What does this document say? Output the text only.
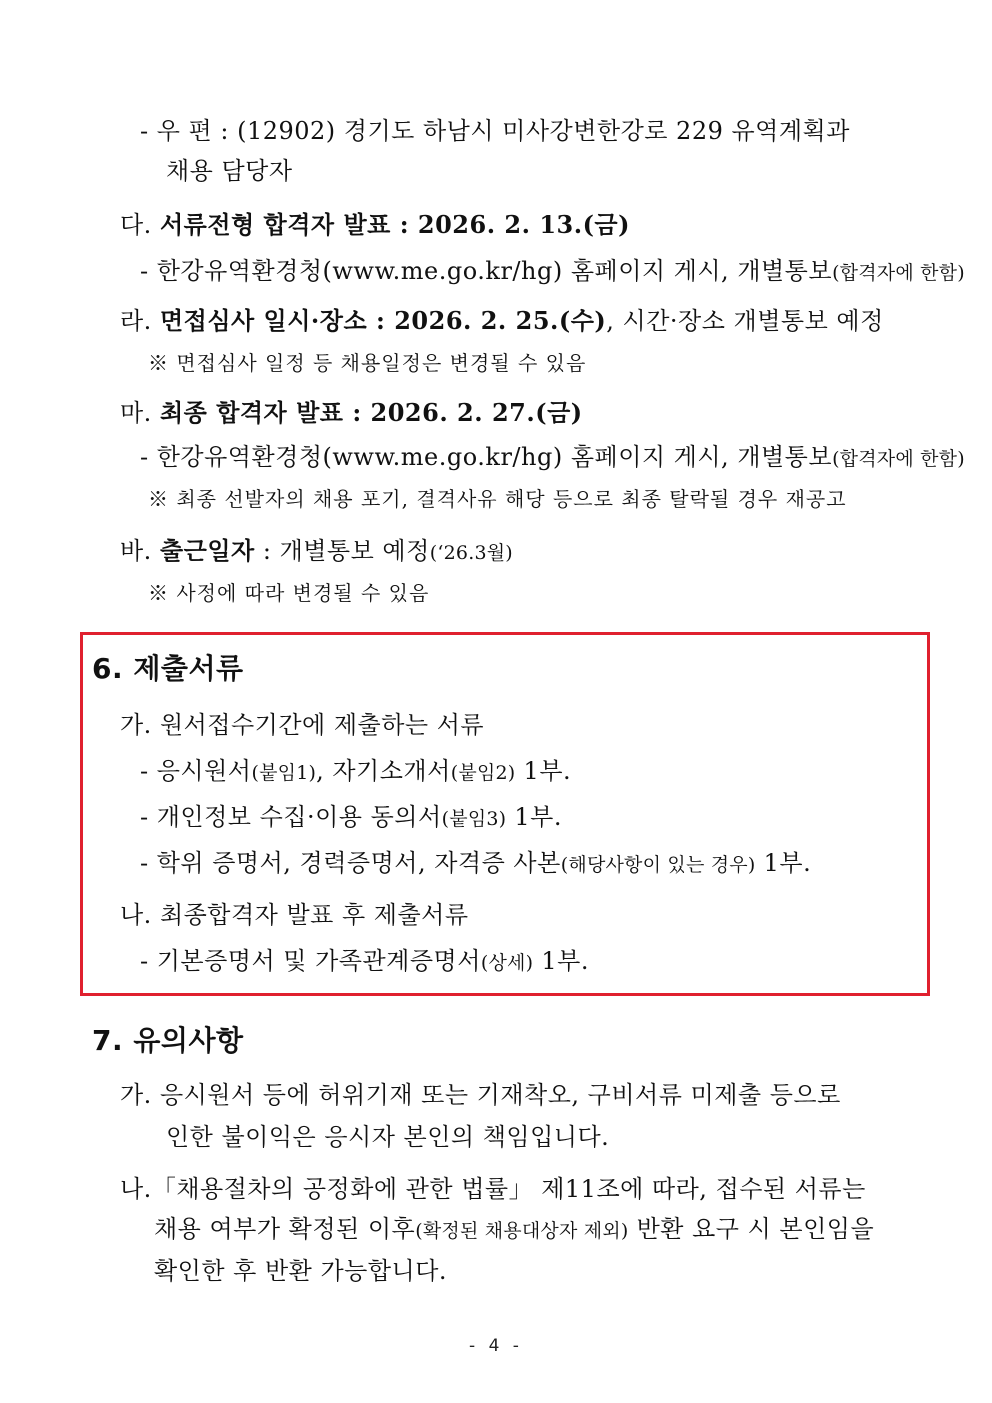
- 우 편 : (12902) 경기도 하남시 미사강변한강로 229 유역계획과
채용 담당자
다. 서류전형 합격자 발표 : 2026. 2. 13.(금)
- 한강유역환경청(www.me.go.kr/hg) 홈페이지 게시, 개별통보(합격자에 한함)
라. 면접심사 일시·장소 : 2026. 2. 25.(수), 시간·장소 개별통보 예정
※ 면접심사 일정 등 채용일정은 변경될 수 있음
마. 최종 합격자 발표 : 2026. 2. 27.(금)
- 한강유역환경청(www.me.go.kr/hg) 홈페이지 게시, 개별통보(합격자에 한함)
※ 최종 선발자의 채용 포기, 결격사유 해당 등으로 최종 탈락될 경우 재공고
바. 출근일자 : 개별통보 예정(‘26.3월)
※ 사정에 따라 변경될 수 있음
6. 제출서류
가. 원서접수기간에 제출하는 서류
- 응시원서(붙임1), 자기소개서(붙임2) 1부.
- 개인정보 수집·이용 동의서(붙임3) 1부.
- 학위 증명서, 경력증명서, 자격증 사본(해당사항이 있는 경우) 1부.
나. 최종합격자 발표 후 제출서류
- 기본증명서 및 가족관계증명서(상세) 1부.
7. 유의사항
가. 응시원서 등에 허위기재 또는 기재착오, 구비서류 미제출 등으로
인한 불이익은 응시자 본인의 책임입니다.
나.「채용절차의 공정화에 관한 법률」 제11조에 따라, 접수된 서류는
채용 여부가 확정된 이후(확정된 채용대상자 제외) 반환 요구 시 본인임을
확인한 후 반환 가능합니다.
- 4 -
